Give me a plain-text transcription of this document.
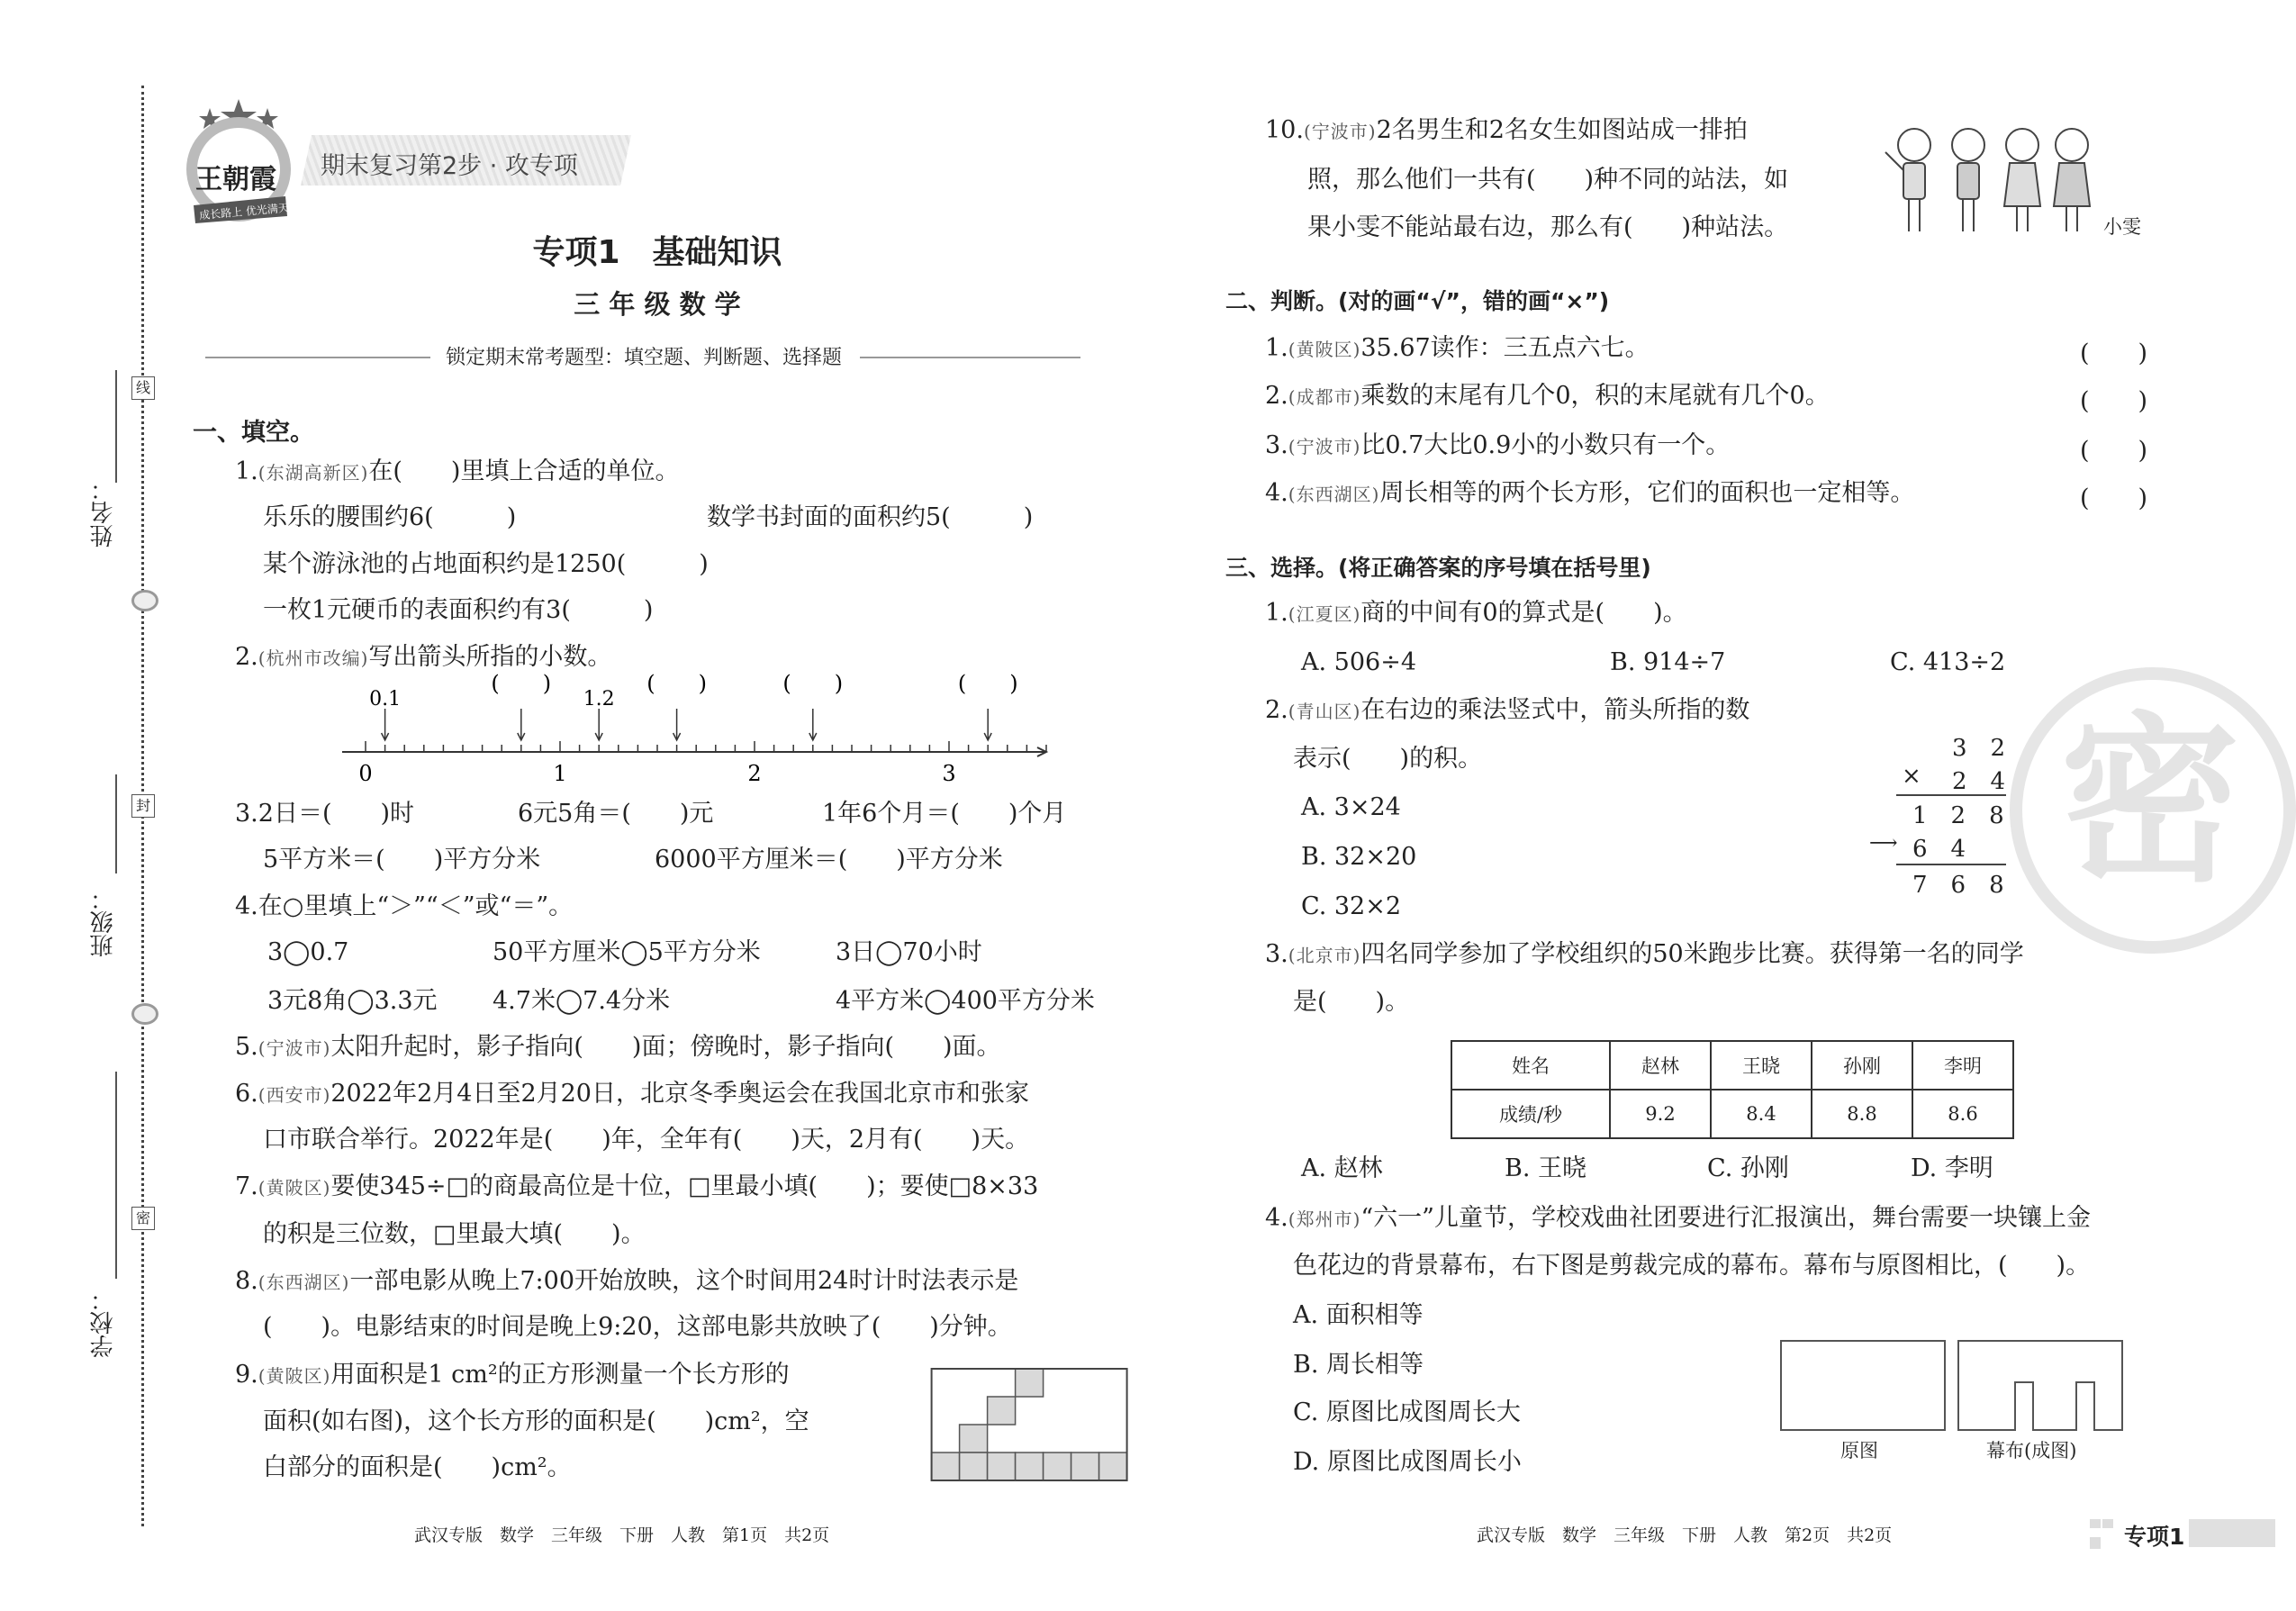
姓名：
班级：
学校：
线
封
密
王朝霞
成长路上 优光满天
期末复习第2步 · 攻专项
专项1　基础知识
三 年 级 数 学
锁定期末常考题型：填空题、判断题、选择题
一、填空。
1.(东湖高新区)在(　　)里填上合适的单位。
乐乐的腰围约6(　　　)	数学书封面的面积约5(　　　)
某个游泳池的占地面积约是1250(　　　)
一枚1元硬币的表面积约有3(　　　)
2.(杭州市改编)写出箭头所指的小数。
0	1	2	3
0.1
(　　)
1.2
(　　)	(　　)	(　　)
3.2日＝(　　)时	6元5角＝(　　)元	1年6个月＝(　　)个月
5平方米＝(　　)平方分米	6000平方厘米＝(　　)平方分米
4.在○里填上“＞”“＜”或“＝”。
3◯0.7	50平方厘米◯5平方分米	3日◯70小时
3元8角◯3.3元 4.7米◯7.4分米	4平方米◯400平方分米
5.(宁波市)太阳升起时，影子指向(　　)面；傍晚时，影子指向(　　)面。
6.(西安市)2022年2月4日至2月20日，北京冬季奥运会在我国北京市和张家
口市联合举行。2022年是(　　)年，全年有(　　)天，2月有(　　)天。
7.(黄陂区)要使345÷□的商最高位是十位，□里最小填(　　)；要使□8×33
的积是三位数，□里最大填(　　)。
8.(东西湖区)一部电影从晚上7:00开始放映，这个时间用24时计时法表示是
(　　)。电影结束的时间是晚上9:20，这部电影共放映了(　　)分钟。
9.(黄陂区)用面积是1 cm²的正方形测量一个长方形的
面积(如右图)，这个长方形的面积是(　　)cm²，空
白部分的面积是(　　)cm²。
武汉专版　数学　三年级　下册　人教　第1页　共2页
密
10.(宁波市)2名男生和2名女生如图站成一排拍
照，那么他们一共有(　　)种不同的站法，如
果小雯不能站最右边，那么有(　　)种站法。	小雯
二、判断。(对的画“√”，错的画“×”)
1.(黄陂区)35.67读作：三五点六七。	(　　)
2.(成都市)乘数的末尾有几个0，积的末尾就有几个0。	(　　)
3.(宁波市)比0.7大比0.9小的小数只有一个。	(　　)
4.(东西湖区)周长相等的两个长方形，它们的面积也一定相等。	(　　)
三、选择。(将正确答案的序号填在括号里)
1.(江夏区)商的中间有0的算式是(　　)。
A. 506÷4	B. 914÷7	C. 413÷2
2.(青山区)在右边的乘法竖式中，箭头所指的数
表示(　　)的积。
A. 3×24
B. 32×20
C. 32×2
3　2
× 2　4
1　2　8
⟶ 6　4
7　6　8
3.(北京市)四名同学参加了学校组织的50米跑步比赛。获得第一名的同学
是(　　)。
姓名	赵林	王晓	孙刚	李明
成绩/秒	9.2	8.4	8.8	8.6
A. 赵林	B. 王晓	C. 孙刚	D. 李明
4.(郑州市)“六一”儿童节，学校戏曲社团要进行汇报演出，舞台需要一块镶上金
色花边的背景幕布，右下图是剪裁完成的幕布。幕布与原图相比，(　　)。
A. 面积相等
B. 周长相等
C. 原图比成图周长大
D. 原图比成图周长小	原图	幕布(成图)
武汉专版　数学　三年级　下册　人教　第2页　共2页	专项1
